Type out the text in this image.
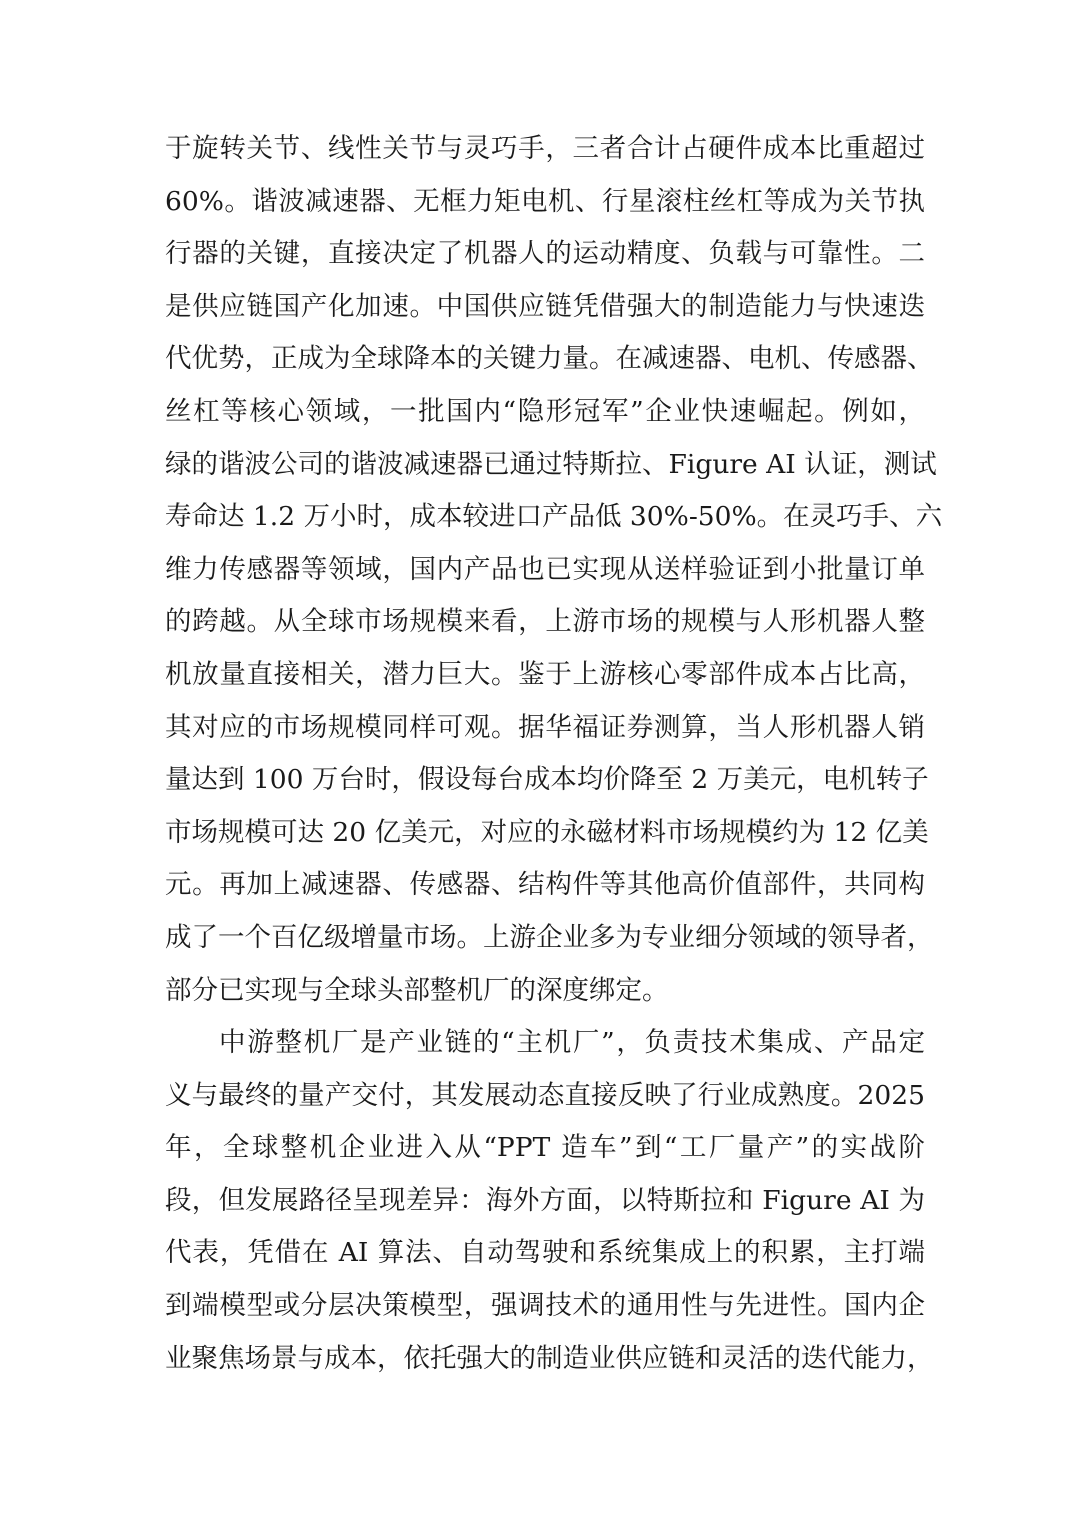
于旋转关节、线性关节与灵巧手，三者合计占硬件成本比重超过
60%。谐波减速器、无框力矩电机、行星滚柱丝杠等成为关节执
行器的关键，直接决定了机器人的运动精度、负载与可靠性。二
是供应链国产化加速。中国供应链凭借强大的制造能力与快速迭
代优势，正成为全球降本的关键力量。在减速器、电机、传感器、
丝杠等核心领域，一批国内“隐形冠军”企业快速崛起。例如，
绿的谐波公司的谐波减速器已通过特斯拉、Figure AI 认证，测试
寿命达 1.2 万小时，成本较进口产品低 30%-50%。在灵巧手、六
维力传感器等领域，国内产品也已实现从送样验证到小批量订单
的跨越。从全球市场规模来看，上游市场的规模与人形机器人整
机放量直接相关，潜力巨大。鉴于上游核心零部件成本占比高，
其对应的市场规模同样可观。据华福证券测算，当人形机器人销
量达到 100 万台时，假设每台成本均价降至 2 万美元，电机转子
市场规模可达 20 亿美元，对应的永磁材料市场规模约为 12 亿美
元。再加上减速器、传感器、结构件等其他高价值部件，共同构
成了一个百亿级增量市场。上游企业多为专业细分领域的领导者，
部分已实现与全球头部整机厂的深度绑定。
中游整机厂是产业链的“主机厂”，负责技术集成、产品定
义与最终的量产交付，其发展动态直接反映了行业成熟度。2025
年，全球整机企业进入从“PPT 造车”到“工厂量产”的实战阶
段，但发展路径呈现差异：海外方面，以特斯拉和 Figure AI 为
代表，凭借在 AI 算法、自动驾驶和系统集成上的积累，主打端
到端模型或分层决策模型，强调技术的通用性与先进性。国内企
业聚焦场景与成本，依托强大的制造业供应链和灵活的迭代能力，
